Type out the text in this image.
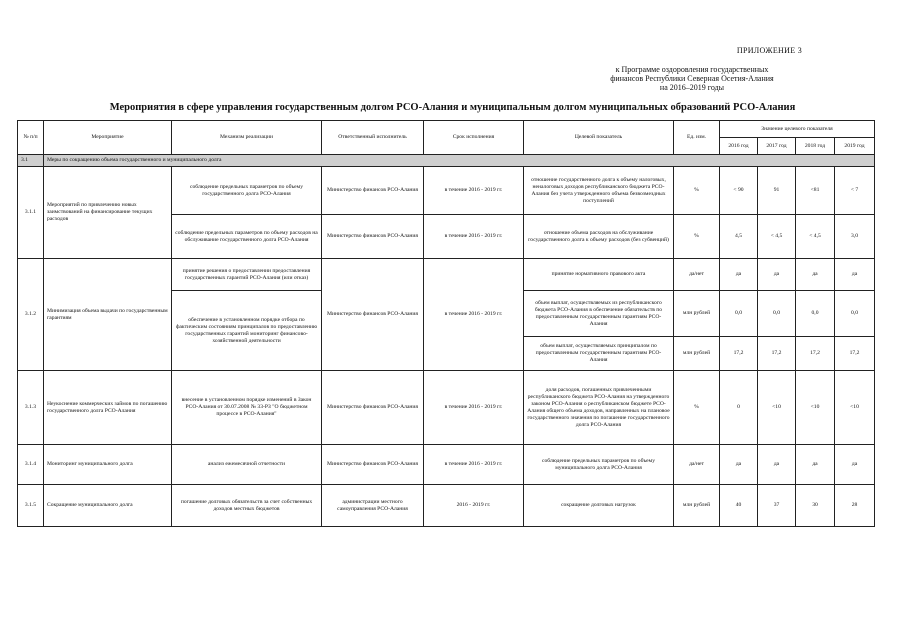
ПРИЛОЖЕНИЕ 3
к Программе оздоровления государственных
финансов Республики Северная Осетия-Алания
на 2016–2019 годы
Мероприятия в сфере управления государственным долгом РСО-Алания и муниципальным долгом муниципальных образований РСО-Алания
№ п/п	Мероприятие	Механизм реализации	Ответственный исполнитель	Срок исполнения	Целевой показатель	Ед. изм.	Значение целевого показателя			
							2016 год	2017 год	2018 год	2019 год
3.1	Меры по сокращению объема государственного и муниципального долга									
3.1.1	Мероприятий по привлечению новых заимствований на финансирование текущих расходов	соблюдение предельных параметров по объему государственного долга РСО-Алания	Министерство финансов РСО-Алания	в течение 2016 - 2019 гг.	отношение государственного долга к объему налоговых, неналоговых доходов республиканского бюджета РСО-Алания без учета утвержденного объема безвозмездных поступлений	%	< 90	91	<81	< 7
		соблюдение предельных параметров по объему расходов на обслуживание государственного долга РСО-Алания	Министерство финансов РСО-Алания	в течение 2016 - 2019 гг.	отношение объема расходов на обслуживание государственного долга к объему расходов (без субвенций)	%	4,5	< 4,5	< 4,5	3,0
3.1.2	Минимизация объема выдачи по государственным гарантиям	принятие решения о предоставлении предоставления государственных гарантий РСО-Алания (или отказ)	Министерство финансов РСО-Алания	в течение 2016 - 2019 гг.	принятие нормативного правового акта	да/нет	да	да	да	да
		обеспечение в установленном порядке отбора по фактическим состояниям принципалов по предоставлению государственных гарантий мониторинг финансово-хозяйственной деятельности			объем выплат, осуществляемых из республиканского бюджета РСО-Алания в обеспечение обязательств по предоставленным государственным гарантиям РСО-Алания	млн рублей	0,0	0,0	0,0	0,0
					объем выплат, осуществляемых принципалом по предоставленным государственным гарантиям РСО-Алания	млн рублей	17,2	17,2	17,2	17,2
3.1.3	Неукоснение коммерческих займов по погашению государственного долга РСО-Алания	внесение в установленном порядке изменений в Закон РСО-Алания от 30.07.2008 № 33-РЗ "О бюджетном процессе в РСО-Алания"	Министерство финансов РСО-Алания	в течение 2016 - 2019 гг.	доля расходов, погашенных привлеченными республиканского бюджета РСО-Алания на утвержденного законом РСО-Алания о республиканском бюджете РСО-Алания общего объема доходов, направленных на плановое государственного значения по погашение государственного долга РСО-Алания	%	0	<10	<10	<10
3.1.4	Мониторинг муниципального долга	анализ ежемесячной отчетности	Министерство финансов РСО-Алания	в течение 2016 - 2019 гг.	соблюдение предельных параметров по объему муниципального долга РСО-Алания	да/нет	да	да	да	да
3.1.5	Сокращение муниципального долга	погашение долговых обязательств за счет собственных доходов местных бюджетов	администрации местного самоуправления РСО-Алания	2016 - 2019 гг.	сокращение долговых нагрузок	млн рублей	40	37	30	28
